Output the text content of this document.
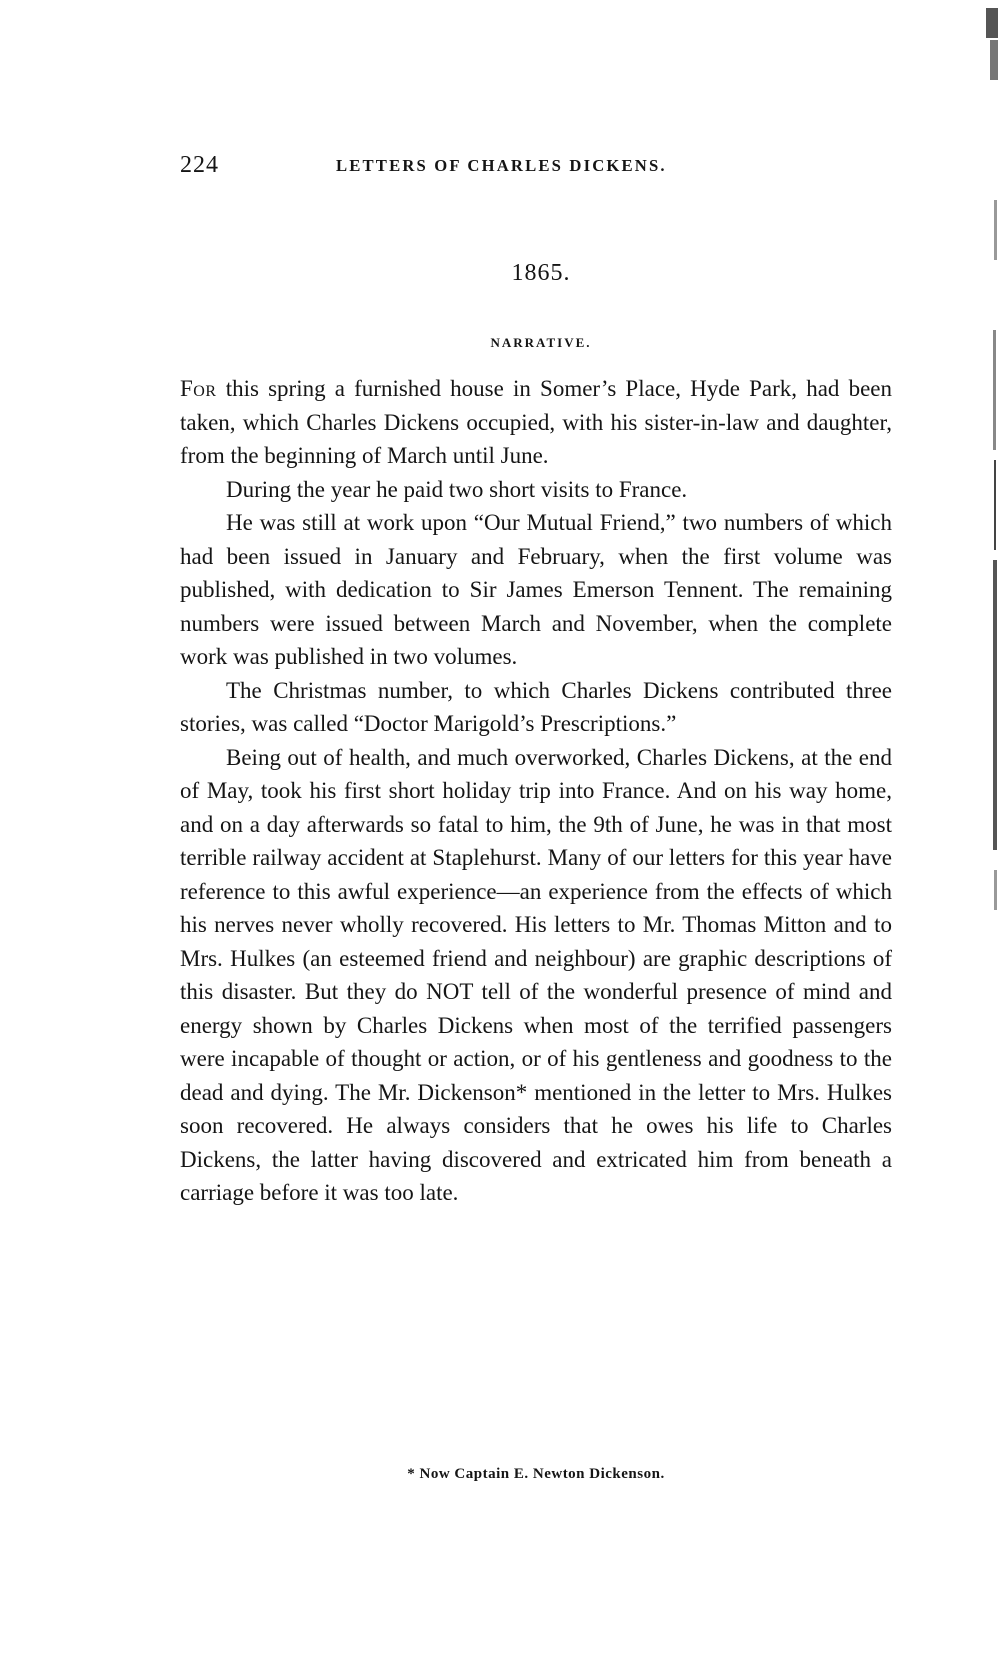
224	LETTERS OF CHARLES DICKENS.
1865.
NARRATIVE.

For this spring a furnished house in Somer’s Place, Hyde Park, had been taken, which Charles Dickens occupied, with his sister-in-law and daughter, from the beginning of March until June.

During the year he paid two short visits to France.

He was still at work upon “Our Mutual Friend,” two numbers of which had been issued in January and February, when the first volume was published, with dedication to Sir James Emerson Tennent. The remaining numbers were issued between March and November, when the complete work was published in two volumes.

The Christmas number, to which Charles Dickens contributed three stories, was called “Doctor Marigold’s Prescriptions.”

Being out of health, and much overworked, Charles Dickens, at the end of May, took his first short holiday trip into France. And on his way home, and on a day afterwards so fatal to him, the 9th of June, he was in that most terrible railway accident at Staplehurst. Many of our letters for this year have reference to this awful experience—an experience from the effects of which his nerves never wholly recovered. His letters to Mr. Thomas Mitton and to Mrs. Hulkes (an esteemed friend and neighbour) are graphic descriptions of this disaster. But they do NOT tell of the wonderful presence of mind and energy shown by Charles Dickens when most of the terrified passengers were incapable of thought or action, or of his gentleness and goodness to the dead and dying. The Mr. Dickenson* mentioned in the letter to Mrs. Hulkes soon recovered. He always considers that he owes his life to Charles Dickens, the latter having discovered and extricated him from beneath a carriage before it was too late.

* Now Captain E. Newton Dickenson.
